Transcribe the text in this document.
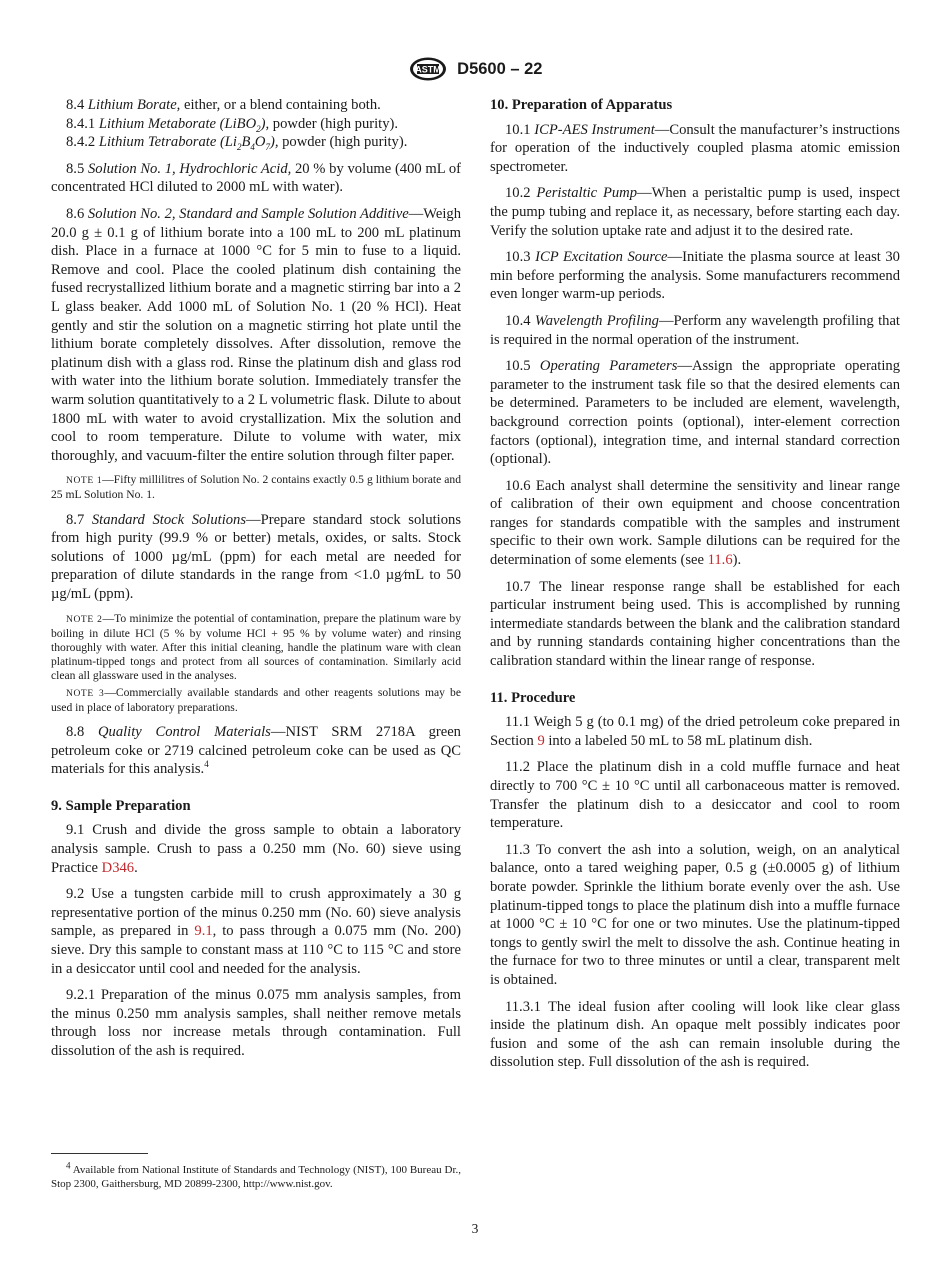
ASTM D5600 – 22

8.4 Lithium Borate, either, or a blend containing both.

8.4.1 Lithium Metaborate (LiBO$_2$), powder (high purity).

8.4.2 Lithium Tetraborate $(Li_2B_4O_7)$, powder (high purity).

8.5 Solution No. 1, Hydrochloric Acid, 20 % by volume (400 mL of concentrated HCl diluted to 2000 mL with water).

8.6 Solution No. 2, Standard and Sample Solution Additive—Weigh 20.0 g ± 0.1 g of lithium borate into a 100 mL to 200 mL platinum dish. Place in a furnace at 1000 °C for 5 min to fuse to a liquid. Remove and cool. Place the cooled platinum dish containing the fused recrystallized lithium borate and a magnetic stirring bar into a 2 L glass beaker. Add 1000 mL of Solution No. 1 (20 % HCl). Heat gently and stir the solution on a magnetic stirring hot plate until the lithium borate completely dissolves. After dissolution, remove the platinum dish with a glass rod. Rinse the platinum dish and glass rod with water into the lithium borate solution. Immediately transfer the warm solution quantitatively to a 2 L volumetric flask. Dilute to about 1800 mL with water to avoid crystallization. Mix the solution and cool to room temperature. Dilute to volume with water, mix thoroughly, and vacuum-filter the entire solution through filter paper.

NOTE 1—Fifty millilitres of Solution No. 2 contains exactly 0.5 g lithium borate and 25 mL Solution No. 1.

8.7 Standard Stock Solutions—Prepare standard stock solutions from high purity (99.9 % or better) metals, oxides, or salts. Stock solutions of 1000 µg/mL (ppm) for each metal are needed for preparation of dilute standards in the range from <1.0 µg⁄mL to 50 µg/mL (ppm).

NOTE 2—To minimize the potential of contamination, prepare the platinum ware by boiling in dilute HCl (5 % by volume HCl + 95 % by volume water) and rinsing thoroughly with water. After this initial cleaning, handle the platinum ware with clean platinum-tipped tongs and protect from all sources of contamination. Similarly acid clean all glassware used in the analyses.

NOTE 3—Commercially available standards and other reagents solutions may be used in place of laboratory preparations.

8.8 Quality Control Materials—NIST SRM 2718A green petroleum coke or 2719 calcined petroleum coke can be used as QC materials for this analysis.$^4$

9. Sample Preparation

9.1 Crush and divide the gross sample to obtain a laboratory analysis sample. Crush to pass a 0.250 mm (No. 60) sieve using Practice D346.

9.2 Use a tungsten carbide mill to crush approximately a 30 g representative portion of the minus 0.250 mm (No. 60) sieve analysis sample, as prepared in 9.1, to pass through a 0.075 mm (No. 200) sieve. Dry this sample to constant mass at 110 °C to 115 °C and store in a desiccator until cool and needed for the analysis.

9.2.1 Preparation of the minus 0.075 mm analysis samples, from the minus 0.250 mm analysis samples, shall neither remove metals through loss nor increase metals through contamination. Full dissolution of the ash is required.

10. Preparation of Apparatus

10.1 ICP-AES Instrument—Consult the manufacturer’s instructions for operation of the inductively coupled plasma atomic emission spectrometer.

10.2 Peristaltic Pump—When a peristaltic pump is used, inspect the pump tubing and replace it, as necessary, before starting each day. Verify the solution uptake rate and adjust it to the desired rate.

10.3 ICP Excitation Source—Initiate the plasma source at least 30 min before performing the analysis. Some manufacturers recommend even longer warm-up periods.

10.4 Wavelength Profiling—Perform any wavelength profiling that is required in the normal operation of the instrument.

10.5 Operating Parameters—Assign the appropriate operating parameter to the instrument task file so that the desired elements can be determined. Parameters to be included are element, wavelength, background correction points (optional), inter-element correction factors (optional), integration time, and internal standard correction (optional).

10.6 Each analyst shall determine the sensitivity and linear range of calibration of their own equipment and choose concentration ranges for standards compatible with the samples and instrument specific to their own work. Sample dilutions can be required for the determination of some elements (see 11.6).

10.7 The linear response range shall be established for each particular instrument being used. This is accomplished by running intermediate standards between the blank and the calibration standard and by running standards containing higher concentrations than the calibration standard within the linear range of response.

11. Procedure

11.1 Weigh 5 g (to 0.1 mg) of the dried petroleum coke prepared in Section 9 into a labeled 50 mL to 58 mL platinum dish.

11.2 Place the platinum dish in a cold muffle furnace and heat directly to 700 °C ± 10 °C until all carbonaceous matter is removed. Transfer the platinum dish to a desiccator and cool to room temperature.

11.3 To convert the ash into a solution, weigh, on an analytical balance, onto a tared weighing paper, 0.5 g (±0.0005 g) of lithium borate powder. Sprinkle the lithium borate evenly over the ash. Use platinum-tipped tongs to place the platinum dish into a muffle furnace at 1000 °C ± 10 °C for one or two minutes. Use the platinum-tipped tongs to gently swirl the melt to dissolve the ash. Continue heating in the furnace for two to three minutes or until a clear, transparent melt is obtained.

11.3.1 The ideal fusion after cooling will look like clear glass inside the platinum dish. An opaque melt possibly indicates poor fusion and some of the ash can remain insoluble during the dissolution step. Full dissolution of the ash is required.

$^4$ Available from National Institute of Standards and Technology (NIST), 100 Bureau Dr., Stop 2300, Gaithersburg, MD 20899-2300, http://www.nist.gov.
3
